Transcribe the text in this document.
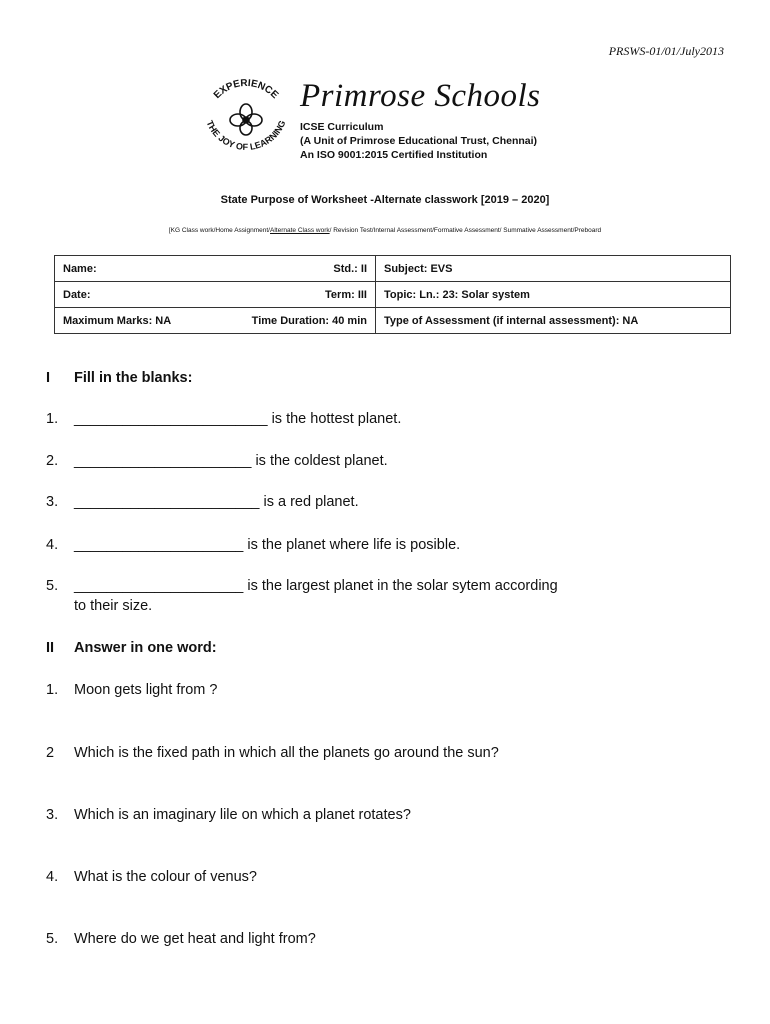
PRSWS-01/01/July2013
EXPERIENCE
THE JOY OF LEARNING
Primrose Schools
ICSE Curriculum
(A Unit of Primrose Educational Trust, Chennai)
An ISO 9001:2015 Certified Institution
State Purpose of Worksheet -Alternate classwork [2019 – 2020]
[KG Class work/Home Assignment/Alternate Class work/ Revision Test/Internal Assessment/Formative Assessment/ Summative Assessment/Preboard
Name: Std.: II	Subject: EVS

Date: Term: III	Topic: Ln.: 23: Solar system

Maximum Marks: NA Time Duration: 40 min	Type of Assessment (if internal assessment): NA
I Fill in the blanks:
1. ________________________ is the hottest planet.
2. ______________________ is the coldest planet.
3. _______________________ is a red planet.
4. _____________________ is the planet where life is posible.
5. _____________________ is the largest planet in the solar sytem according
to their size.
II Answer in one word:
1. Moon gets light from ?
2 Which is the fixed path in which all the planets go around the sun?
3. Which is an imaginary lile on which a planet rotates?
4. What is the colour of venus?
5. Where do we get heat and light from?
